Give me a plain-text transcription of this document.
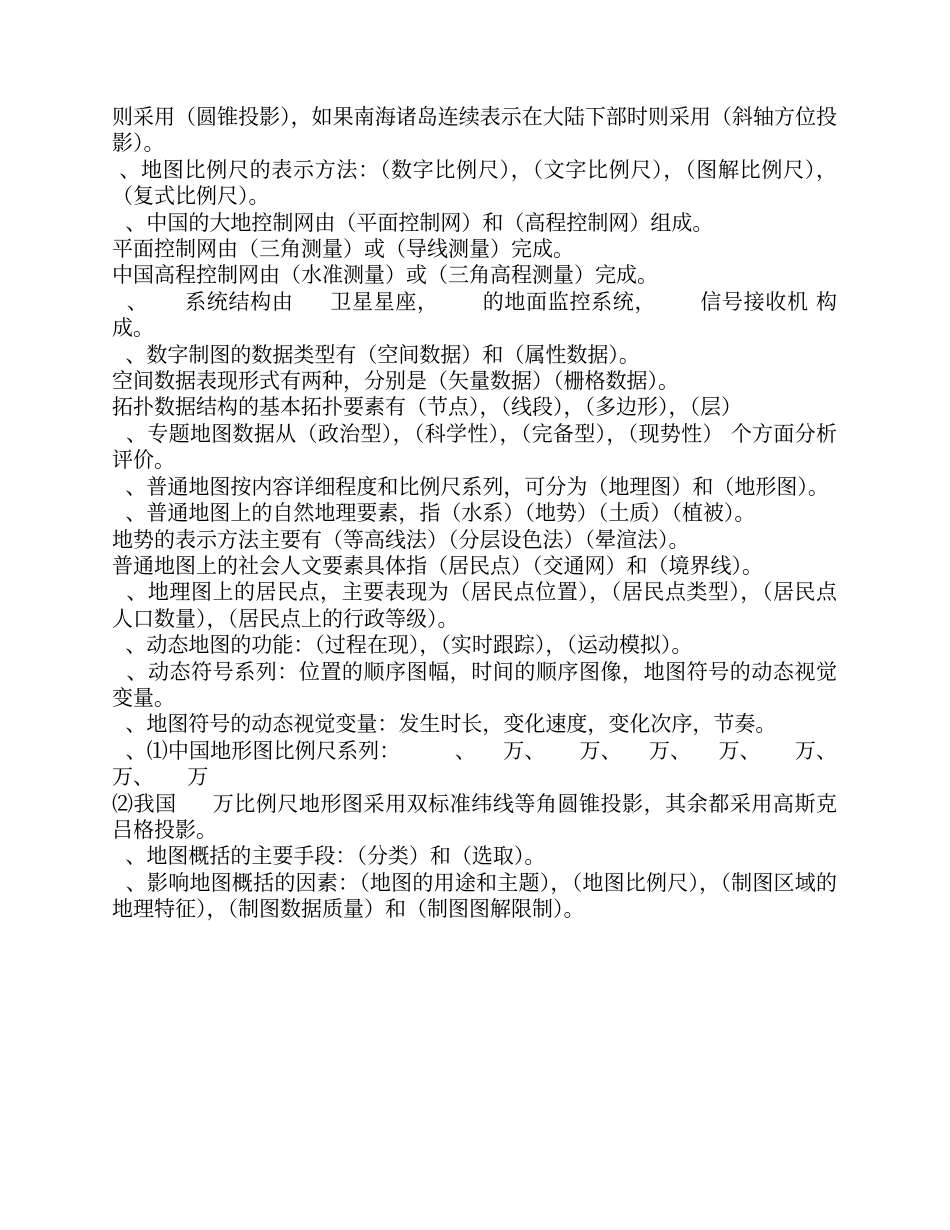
则采用（圆锥投影），如果南海诸岛连续表示在大陆下部时则采用（斜轴方位投影）。

、地图比例尺的表示方法：（数字比例尺），（文字比例尺），（图解比例尺），（复式比例尺）。

、中国的大地控制网由（平面控制网）和（高程控制网）组成。

平面控制网由（三角测量）或（导线测量）完成。

中国高程控制网由（水准测量）或（三角高程测量）完成。

、     系统结构由     卫星星座，      的地面监控系统，      信号接收机 构成。

、数字制图的数据类型有（空间数据）和（属性数据）。

空间数据表现形式有两种，分别是（矢量数据）（栅格数据）。

拓扑数据结构的基本拓扑要素有（节点），（线段），（多边形），（层）

、专题地图数据从（政治型），（科学性），（完备型），（现势性） 个方面分析评价。

、普通地图按内容详细程度和比例尺系列，可分为（地理图）和（地形图）。

、普通地图上的自然地理要素，指（水系）（地势）（土质）（植被）。

地势的表示方法主要有（等高线法）（分层设色法）（晕渲法）。

普通地图上的社会人文要素具体指（居民点）（交通网）和（境界线）。

、地理图上的居民点，主要表现为（居民点位置），（居民点类型），（居民点人口数量），（居民点上的行政等级）。

、动态地图的功能：（过程在现），（实时跟踪），（运动模拟）。

、动态符号系列：位置的顺序图幅，时间的顺序图像，地图符号的动态视觉变量。

、地图符号的动态视觉变量：发生时长，变化速度，变化次序，节奏。

、⑴中国地形图比例尺系列：        、    万、     万、    万、    万、     万、     万、     万

⑵我国     万比例尺地形图采用双标准纬线等角圆锥投影，其余都采用高斯克吕格投影。

、地图概括的主要手段：（分类）和（选取）。

、影响地图概括的因素：（地图的用途和主题），（地图比例尺），（制图区域的地理特征），（制图数据质量）和（制图图解限制）。
